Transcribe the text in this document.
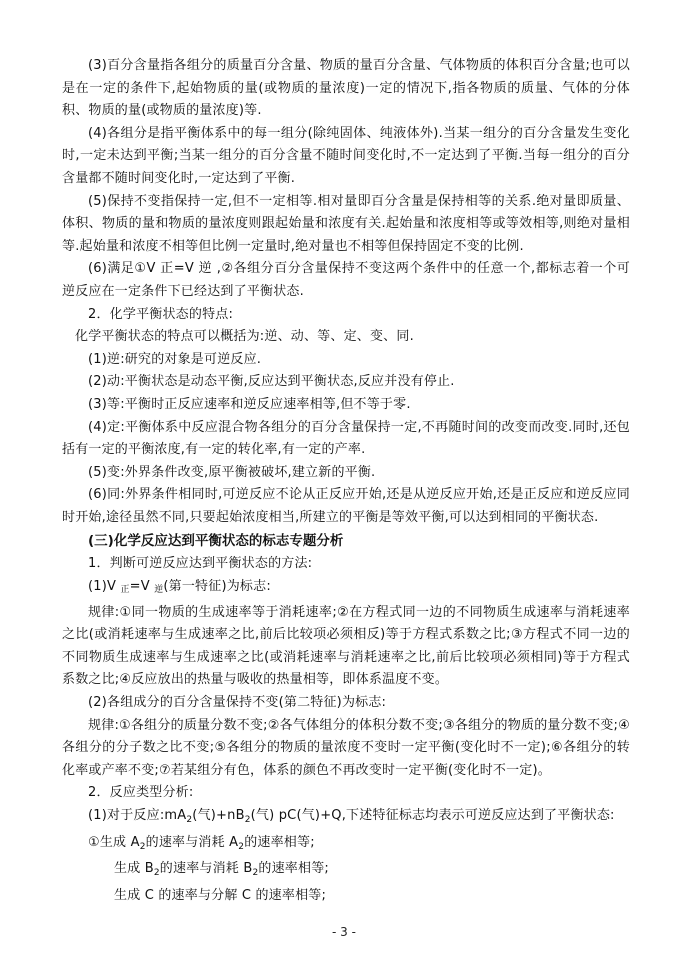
(3)百分含量指各组分的质量百分含量、物质的量百分含量、气体物质的体积百分含量;也可以是在一定的条件下,起始物质的量(或物质的量浓度)一定的情况下,指各物质的质量、气体的分体积、物质的量(或物质的量浓度)等.

(4)各组分是指平衡体系中的每一组分(除纯固体、纯液体外).当某一组分的百分含量发生变化时,一定未达到平衡;当某一组分的百分含量不随时间变化时,不一定达到了平衡.当每一组分的百分含量都不随时间变化时,一定达到了平衡.

(5)保持不变指保持一定,但不一定相等.相对量即百分含量是保持相等的关系.绝对量即质量、体积、物质的量和物质的量浓度则跟起始量和浓度有关.起始量和浓度相等或等效相等,则绝对量相等.起始量和浓度不相等但比例一定量时,绝对量也不相等但保持固定不变的比例.

(6)满足①V 正=V 逆 ,②各组分百分含量保持不变这两个条件中的任意一个,都标志着一个可逆反应在一定条件下已经达到了平衡状态.

2．化学平衡状态的特点:

化学平衡状态的特点可以概括为:逆、动、等、定、变、同.

(1)逆:研究的对象是可逆反应.

(2)动:平衡状态是动态平衡,反应达到平衡状态,反应并没有停止.

(3)等:平衡时正反应速率和逆反应速率相等,但不等于零.

(4)定:平衡体系中反应混合物各组分的百分含量保持一定,不再随时间的改变而改变.同时,还包括有一定的平衡浓度,有一定的转化率,有一定的产率.

(5)变:外界条件改变,原平衡被破坏,建立新的平衡.

(6)同:外界条件相同时,可逆反应不论从正反应开始,还是从逆反应开始,还是正反应和逆反应同时开始,途径虽然不同,只要起始浓度相当,所建立的平衡是等效平衡,可以达到相同的平衡状态.

(三)化学反应达到平衡状态的标志专题分析

1．判断可逆反应达到平衡状态的方法:

(1)V 正=V 逆(第一特征)为标志:

规律:①同一物质的生成速率等于消耗速率;②在方程式同一边的不同物质生成速率与消耗速率之比(或消耗速率与生成速率之比,前后比较项必须相反)等于方程式系数之比;③方程式不同一边的不同物质生成速率与生成速率之比(或消耗速率与消耗速率之比,前后比较项必须相同)等于方程式系数之比;④反应放出的热量与吸收的热量相等，即体系温度不变。

(2)各组成分的百分含量保持不变(第二特征)为标志:

规律:①各组分的质量分数不变;②各气体组分的体积分数不变;③各组分的物质的量分数不变;④各组分的分子数之比不变;⑤各组分的物质的量浓度不变时一定平衡(变化时不一定);⑥各组分的转化率或产率不变;⑦若某组分有色，体系的颜色不再改变时一定平衡(变化时不一定)。

2．反应类型分析:

(1)对于反应$:mA_2$(气)$+nB_2$(气) pC(气)+Q,下述特征标志均表示可逆反应达到了平衡状态:

①生成 $A_2$的速率与消耗 $A_2$的速率相等;

生成 $B_2$的速率与消耗 $B_2$的速率相等;

生成 C 的速率与分解 C 的速率相等;

- 3 -
